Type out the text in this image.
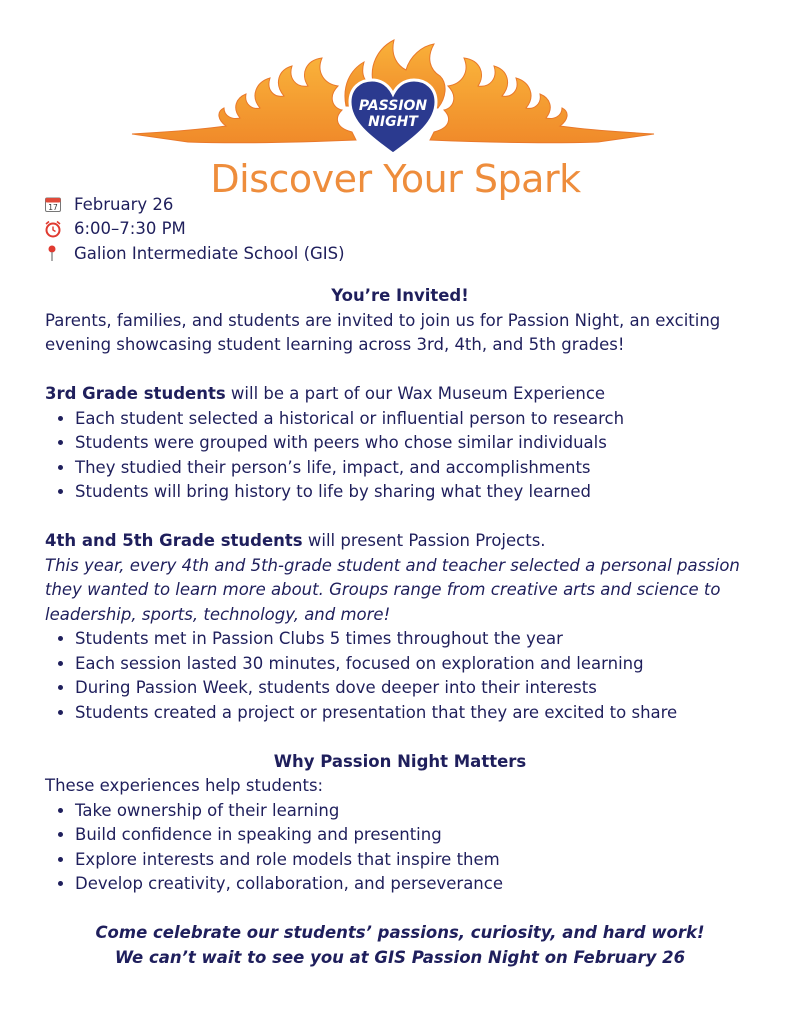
PASSION
NIGHT
Discover Your Spark
17 February 26
6:00–7:30 PM
Galion Intermediate School (GIS)

You’re Invited!

Parents, families, and students are invited to join us for Passion Night, an exciting evening showcasing student learning across 3rd, 4th, and 5th grades!

3rd Grade students will be a part of our Wax Museum Experience

• Each student selected a historical or influential person to research
• Students were grouped with peers who chose similar individuals
• They studied their person’s life, impact, and accomplishments
• Students will bring history to life by sharing what they learned

4th and 5th Grade students will present Passion Projects.

This year, every 4th and 5th-grade student and teacher selected a personal passion they wanted to learn more about. Groups range from creative arts and science to leadership, sports, technology, and more!

• Students met in Passion Clubs 5 times throughout the year
• Each session lasted 30 minutes, focused on exploration and learning
• During Passion Week, students dove deeper into their interests
• Students created a project or presentation that they are excited to share

Why Passion Night Matters

These experiences help students:

• Take ownership of their learning
• Build confidence in speaking and presenting
• Explore interests and role models that inspire them
• Develop creativity, collaboration, and perseverance

Come celebrate our students’ passions, curiosity, and hard work!

We can’t wait to see you at GIS Passion Night on February 26
